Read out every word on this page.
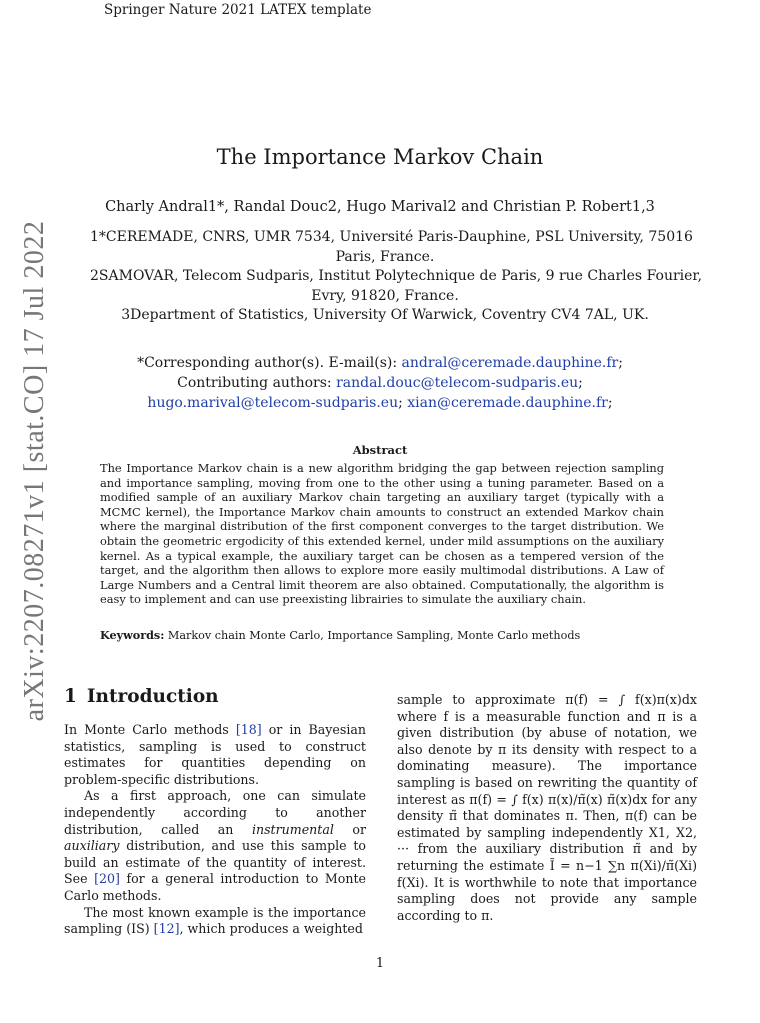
Springer Nature 2021 LATEX template
arXiv:2207.08271v1 [stat.CO] 17 Jul 2022
The Importance Markov Chain
Charly Andral1*, Randal Douc2, Hugo Marival2 and Christian P. Robert1,3
1*CEREMADE, CNRS, UMR 7534, Université Paris-Dauphine, PSL University, 75016
Paris, France.
2SAMOVAR, Telecom Sudparis, Institut Polytechnique de Paris, 9 rue Charles Fourier,
Evry, 91820, France.
3Department of Statistics, University Of Warwick, Coventry CV4 7AL, UK.
*Corresponding author(s). E-mail(s): andral@ceremade.dauphine.fr;
Contributing authors: randal.douc@telecom-sudparis.eu;
hugo.marival@telecom-sudparis.eu; xian@ceremade.dauphine.fr;
Abstract
The Importance Markov chain is a new algorithm bridging the gap between rejection sampling and importance sampling, moving from one to the other using a tuning parameter. Based on a modified sample of an auxiliary Markov chain targeting an auxiliary target (typically with a MCMC kernel), the Importance Markov chain amounts to construct an extended Markov chain where the marginal distribution of the first component converges to the target distribution. We obtain the geometric ergodicity of this extended kernel, under mild assumptions on the auxiliary kernel. As a typical example, the auxiliary target can be chosen as a tempered version of the target, and the algorithm then allows to explore more easily multimodal distributions. A Law of Large Numbers and a Central limit theorem are also obtained. Computationally, the algorithm is easy to implement and can use preexisting librairies to simulate the auxiliary chain.
Keywords: Markov chain Monte Carlo, Importance Sampling, Monte Carlo methods
1 Introduction

In Monte Carlo methods [18] or in Bayesian statistics, sampling is used to construct estimates for quantities depending on problem-specific distributions.

As a first approach, one can simulate independently according to another distribution, called an instrumental or auxiliary distribution, and use this sample to build an estimate of the quantity of interest. See [20] for a general introduction to Monte Carlo methods.

The most known example is the importance sampling (IS) [12], which produces a weighted

sample to approximate π(f) = ∫ f(x)π(x)dx where f is a measurable function and π is a given distribution (by abuse of notation, we also denote by π its density with respect to a dominating measure). The importance sampling is based on rewriting the quantity of interest as π(f) = ∫ f(x) π(x)/π̃(x) π̃(x)dx for any density π̃ that dominates π. Then, π(f) can be estimated by sampling independently X1, X2, ··· from the auxiliary distribution π̃ and by returning the estimate Ĩ = n−1 ∑n π(Xi)/π̃(Xi) f(Xi). It is worthwhile to note that importance sampling does not provide any sample according to π.

1
